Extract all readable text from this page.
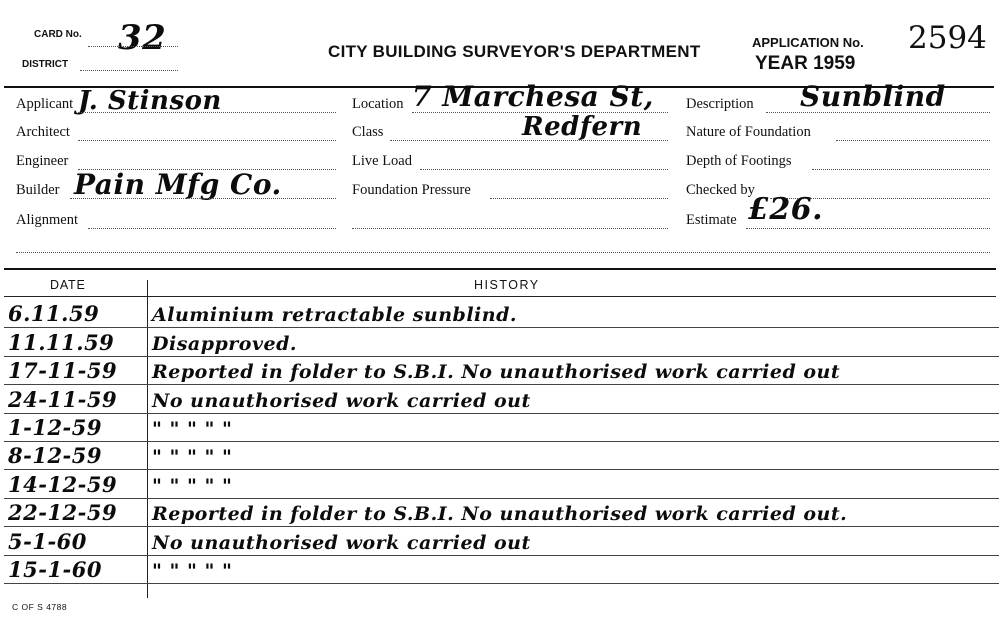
CARD No. 32
DISTRICT
CITY BUILDING SURVEYOR'S DEPARTMENT	APPLICATION No. 2594
YEAR 1959
Applicant J. Stinson
Architect
Engineer
Builder Pain Mfg Co.
Alignment
Location 7 Marchesa St,
Class	Redfern
Live Load
Foundation Pressure
Description Sunblind
Nature of Foundation
Depth of Footings
Checked by
Estimate £26.
DATE	HISTORY
6.11.59	Aluminium retractable sunblind.
11.11.59	Disapproved.
17-11-59	Reported in folder to S.B.I. No unauthorised work carried out
24-11-59	No unauthorised work carried out
1-12-59	" " " " "
8-12-59	" " " " "
14-12-59	" " " " "
22-12-59	Reported in folder to S.B.I. No unauthorised work carried out.
5-1-60	No unauthorised work carried out
15-1-60	" " " " "
C OF S 4788
